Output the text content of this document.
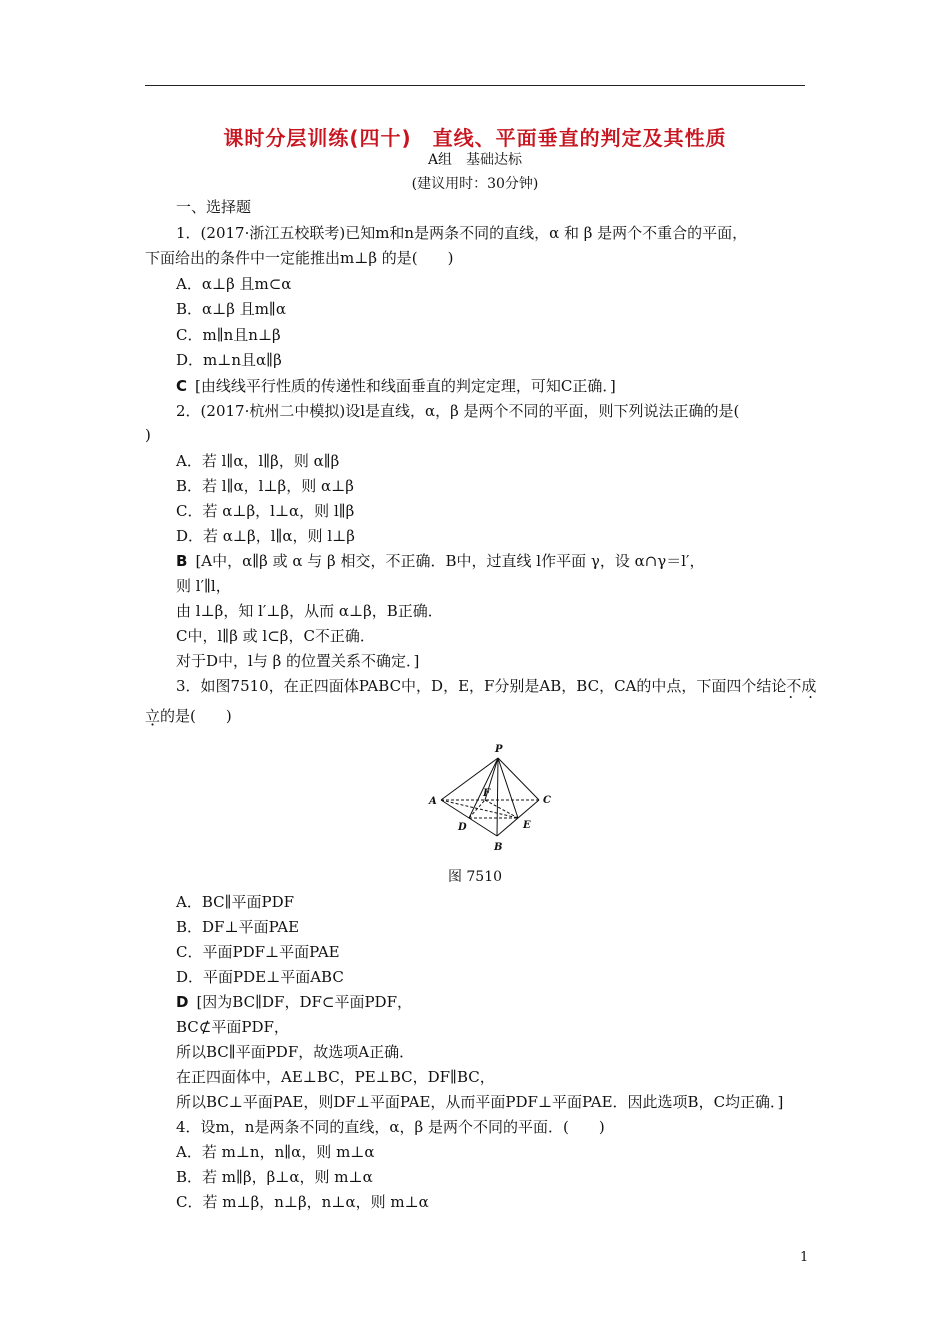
课时分层训练(四十)　直线、平面垂直的判定及其性质
A组　基础达标
(建议用时：30分钟)
一、选择题
1．(2017·浙江五校联考)已知m和n是两条不同的直线，α 和 β 是两个不重合的平面，
下面给出的条件中一定能推出m⊥β 的是(　　)
A．α⊥β 且m⊂α
B．α⊥β 且m∥α
C．m∥n且n⊥β
D．m⊥n且α∥β
C [由线线平行性质的传递性和线面垂直的判定定理，可知C正确．]
2．(2017·杭州二中模拟)设l是直线，α，β 是两个不同的平面，则下列说法正确的是(
)
A．若 l∥α，l∥β，则 α∥β
B．若 l∥α，l⊥β，则 α⊥β
C．若 α⊥β，l⊥α，则 l∥β
D．若 α⊥β，l∥α，则 l⊥β
B [A中，α∥β 或 α 与 β 相交，不正确．B中，过直线 l作平面 γ，设 α∩γ＝l′，
则 l′∥l，
由 l⊥β，知 l′⊥β，从而 α⊥β，B正确．
C中，l∥β 或 l⊂β，C不正确．
对于D中，l与 β 的位置关系不确定．]
3．如图7510，在正四面体PABC中，D，E，F分别是AB，BC，CA的中点，下面四个结论不成 ·　·
立的是(　　)
P
A
F
C
D	E
B
图 7510
A．BC∥平面PDF
B．DF⊥平面PAE
C．平面PDF⊥平面PAE
D．平面PDE⊥平面ABC
D [因为BC∥DF，DF⊂平面PDF，
BC⊄平面PDF，
所以BC∥平面PDF，故选项A正确．
在正四面体中，AE⊥BC，PE⊥BC，DF∥BC，
所以BC⊥平面PAE，则DF⊥平面PAE，从而平面PDF⊥平面PAE．因此选项B，C均正确．]
4．设m，n是两条不同的直线，α，β 是两个不同的平面．(　　)
A．若 m⊥n，n∥α，则 m⊥α
B．若 m∥β，β⊥α，则 m⊥α
C．若 m⊥β，n⊥β，n⊥α，则 m⊥α
1
